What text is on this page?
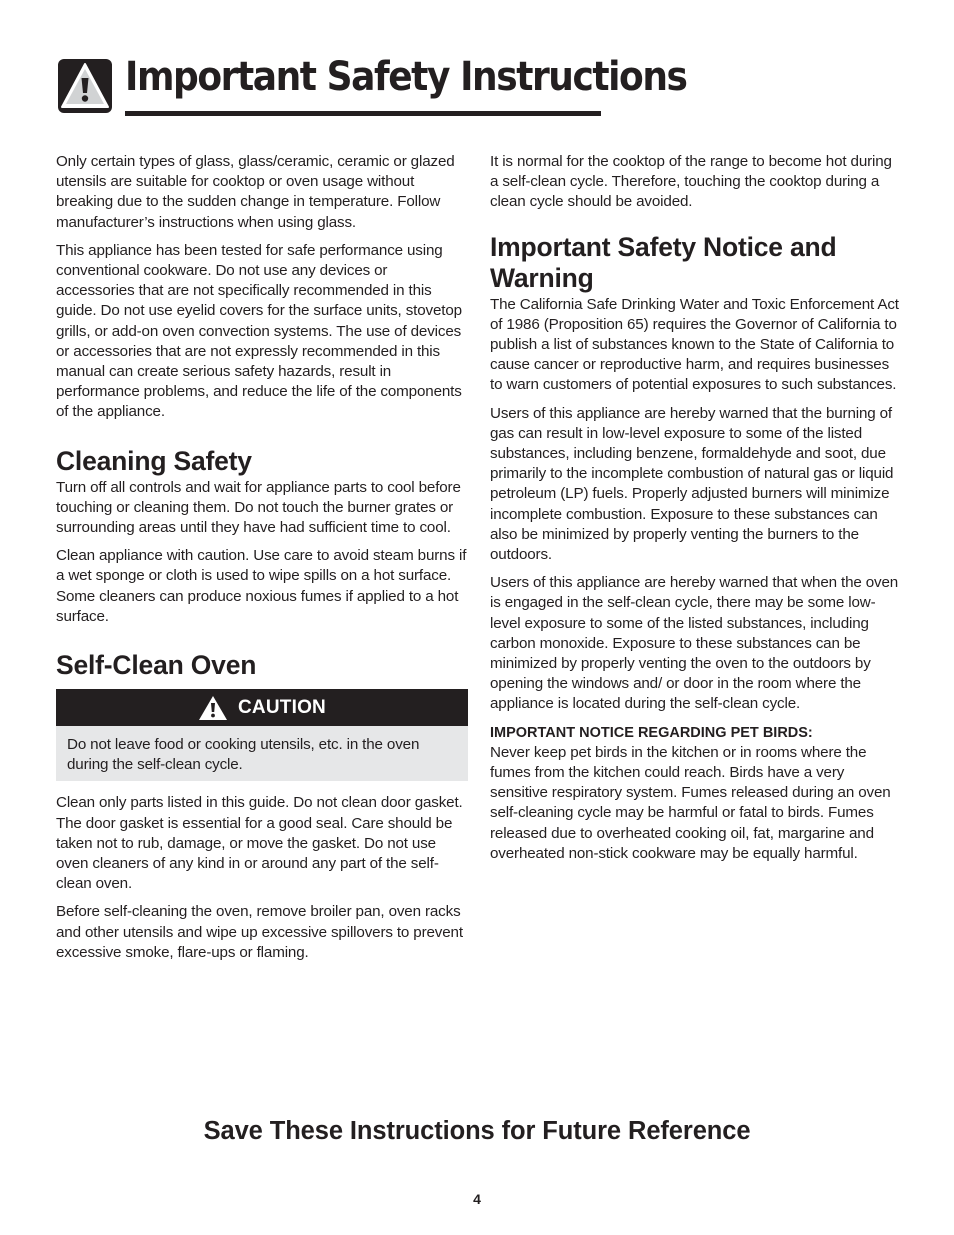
Important Safety Instructions

Only certain types of glass, glass/ceramic, ceramic or glazed utensils are suitable for cooktop or oven usage without breaking due to the sudden change in temperature. Follow manufacturer’s instructions when using glass.

This appliance has been tested for safe performance using conventional cookware. Do not use any devices or accessories that are not specifically recommended in this guide. Do not use eyelid covers for the surface units, stovetop grills, or add-on oven convection systems. The use of devices or accessories that are not expressly recommended in this manual can create serious safety hazards, result in performance problems, and reduce the life of the components of the appliance.

Cleaning Safety

Turn off all controls and wait for appliance parts to cool before touching or cleaning them. Do not touch the burner grates or surrounding areas until they have had sufficient time to cool.

Clean appliance with caution. Use care to avoid steam burns if a wet sponge or cloth is used to wipe spills on a hot surface. Some cleaners can produce noxious fumes if applied to a hot surface.

Self-Clean Oven
CAUTION

Do not leave food or cooking utensils, etc. in the oven during the self-clean cycle.

Clean only parts listed in this guide. Do not clean door gasket. The door gasket is essential for a good seal. Care should be taken not to rub, damage, or move the gasket. Do not use oven cleaners of any kind in or around any part of the self-clean oven.

Before self-cleaning the oven, remove broiler pan, oven racks and other utensils and wipe up excessive spillovers to prevent excessive smoke, flare-ups or flaming.

It is normal for the cooktop of the range to become hot during a self-clean cycle. Therefore, touching the cooktop during a clean cycle should be avoided.

Important Safety Notice and Warning

The California Safe Drinking Water and Toxic Enforcement Act of 1986 (Proposition 65) requires the Governor of California to publish a list of substances known to the State of California to cause cancer or reproductive harm, and requires businesses to warn customers of potential exposures to such substances.

Users of this appliance are hereby warned that the burning of gas can result in low-level exposure to some of the listed substances, including benzene, formaldehyde and soot, due primarily to the incomplete combustion of natural gas or liquid petroleum (LP) fuels. Properly adjusted burners will minimize incomplete combustion. Exposure to these substances can also be minimized by properly venting the burners to the outdoors.

Users of this appliance are hereby warned that when the oven is engaged in the self-clean cycle, there may be some low-level exposure to some of the listed substances, including carbon monoxide. Exposure to these substances can be minimized by properly venting the oven to the outdoors by opening the windows and/ or door in the room where the appliance is located during the self-clean cycle.

IMPORTANT NOTICE REGARDING PET BIRDS:
Never keep pet birds in the kitchen or in rooms where the fumes from the kitchen could reach. Birds have a very sensitive respiratory system. Fumes released during an oven self-cleaning cycle may be harmful or fatal to birds. Fumes released due to overheated cooking oil, fat, margarine and overheated non-stick cookware may be equally harmful.

Save These Instructions for Future Reference
4
